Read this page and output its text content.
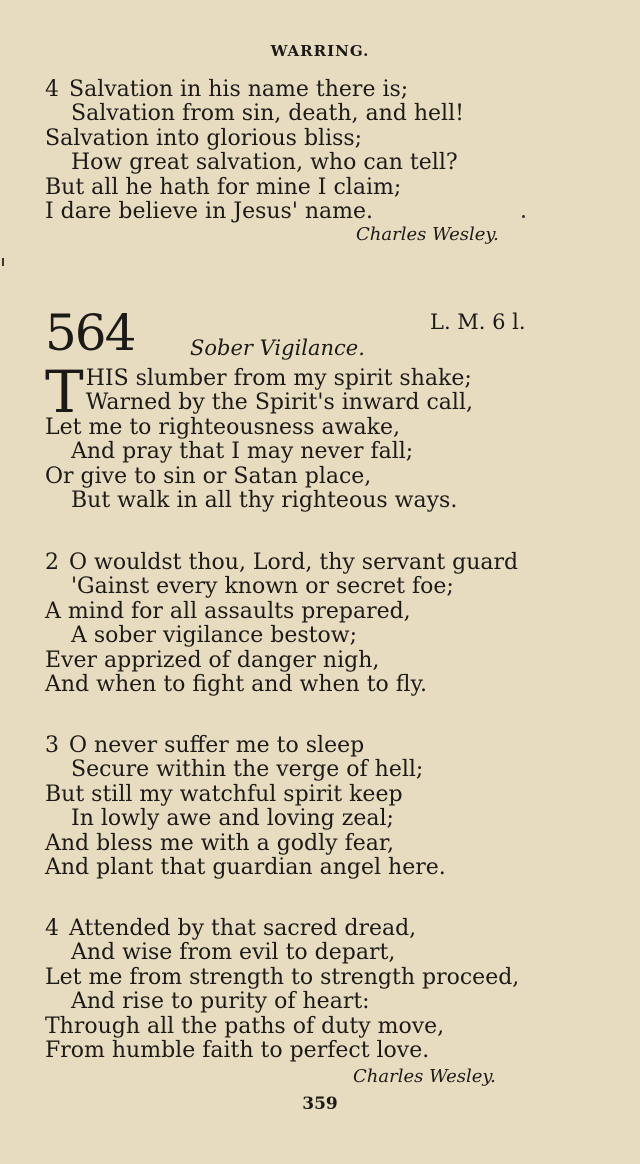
WARRING.
4 Salvation in his name there is;
Salvation from sin, death, and hell!
Salvation into glorious bliss;
How great salvation, who can tell?
But all he hath for mine I claim;
I dare believe in Jesus' name.
Charles Wesley.
564	L. M. 6 l.
Sober Vigilance.
T HIS slumber from my spirit shake;
Warned by the Spirit's inward call,
Let me to righteousness awake,
And pray that I may never fall;
Or give to sin or Satan place,
But walk in all thy righteous ways.
2 O wouldst thou, Lord, thy servant guard
'Gainst every known or secret foe;
A mind for all assaults prepared,
A sober vigilance bestow;
Ever apprized of danger nigh,
And when to fight and when to fly.
3 O never suffer me to sleep
Secure within the verge of hell;
But still my watchful spirit keep
In lowly awe and loving zeal;
And bless me with a godly fear,
And plant that guardian angel here.
4 Attended by that sacred dread,
And wise from evil to depart,
Let me from strength to strength proceed,
And rise to purity of heart:
Through all the paths of duty move,
From humble faith to perfect love.
Charles Wesley.
359
